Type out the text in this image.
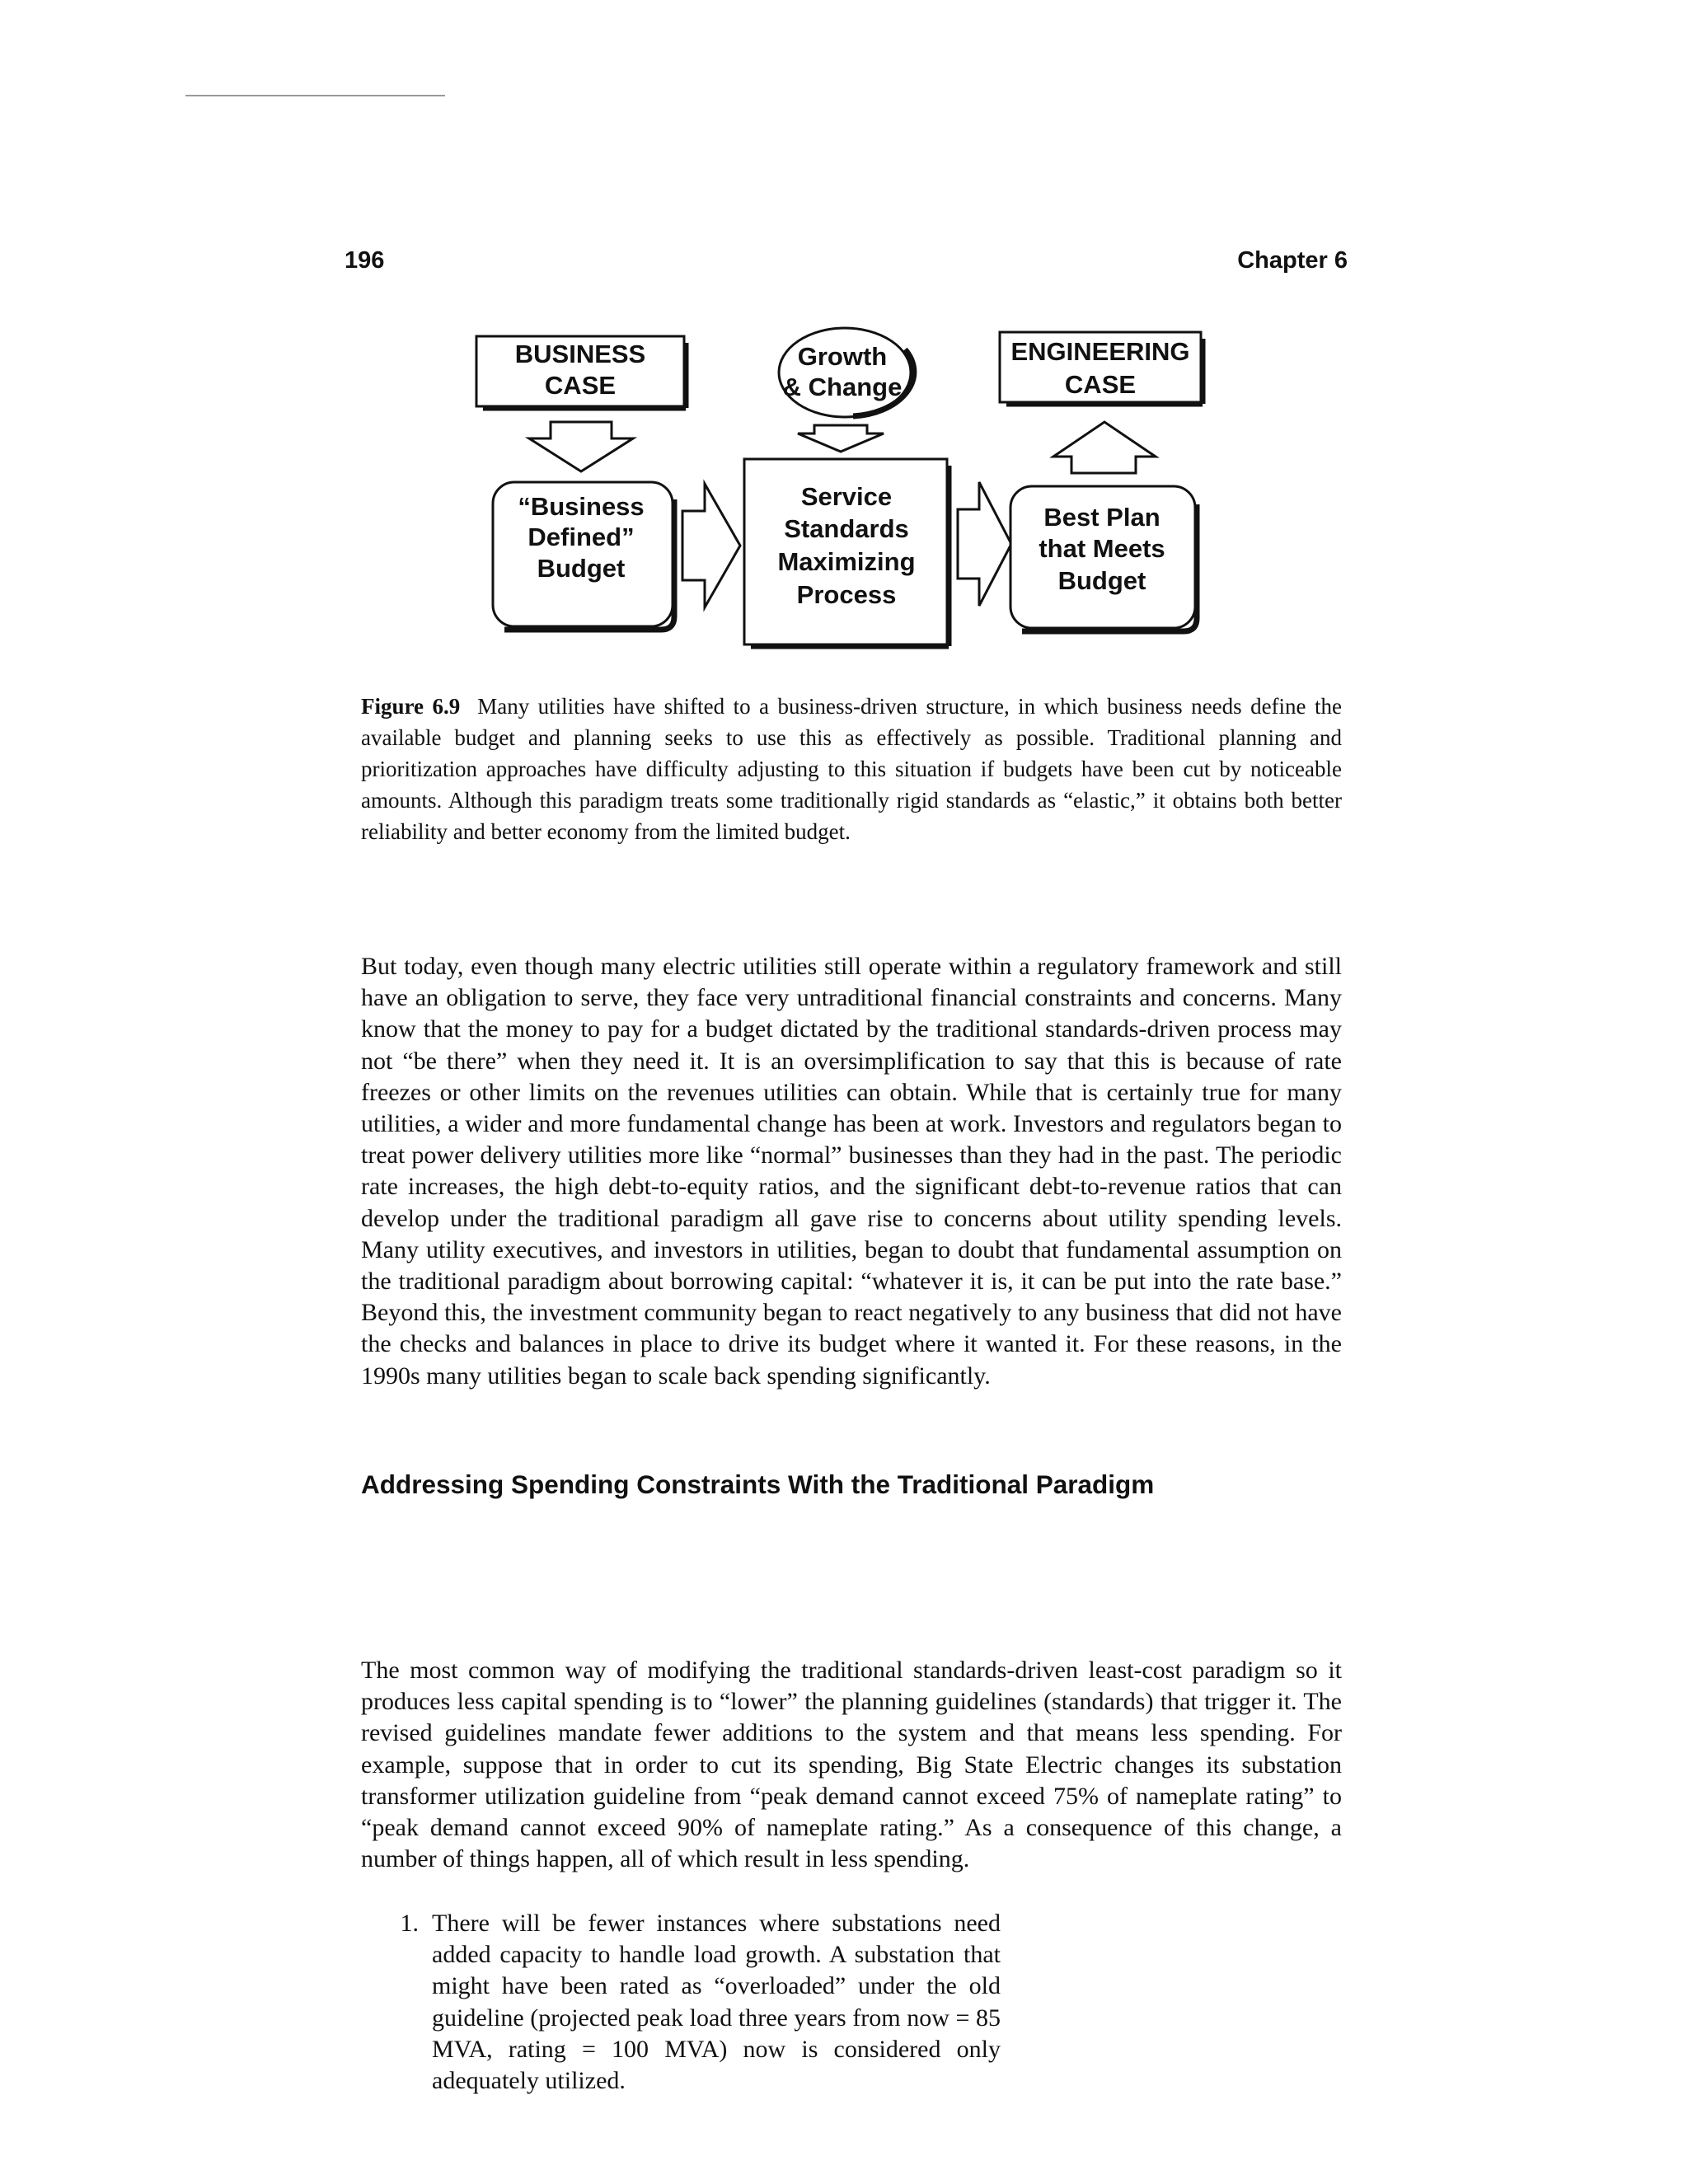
196	Chapter 6
BUSINESS
CASE
Growth
& Change
ENGINEERING
CASE
“Business
Defined”
Budget
Service
Standards
Maximizing
Process
Best Plan
that Meets
Budget
Figure 6.9 Many utilities have shifted to a business-driven structure, in which business needs define the available budget and planning seeks to use this as effectively as possible. Traditional planning and prioritization approaches have difficulty adjusting to this situation if budgets have been cut by noticeable amounts. Although this paradigm treats some traditionally rigid standards as “elastic,” it obtains both better reliability and better economy from the limited budget.

But today, even though many electric utilities still operate within a regulatory framework and still have an obligation to serve, they face very untraditional financial constraints and concerns. Many know that the money to pay for a budget dictated by the traditional standards-driven process may not “be there” when they need it. It is an oversimplification to say that this is because of rate freezes or other limits on the revenues utilities can obtain. While that is certainly true for many utilities, a wider and more fundamental change has been at work. Investors and regulators began to treat power delivery utilities more like “normal” businesses than they had in the past. The periodic rate increases, the high debt-to-equity ratios, and the significant debt-to-revenue ratios that can develop under the traditional paradigm all gave rise to concerns about utility spending levels. Many utility executives, and investors in utilities, began to doubt that fundamental assumption on the traditional paradigm about borrowing capital: “whatever it is, it can be put into the rate base.” Beyond this, the investment community began to react negatively to any business that did not have the checks and balances in place to drive its budget where it wanted it. For these reasons, in the 1990s many utilities began to scale back spending significantly.

Addressing Spending Constraints With the Traditional Paradigm

The most common way of modifying the traditional standards-driven least-cost paradigm so it produces less capital spending is to “lower” the planning guidelines (standards) that trigger it. The revised guidelines mandate fewer additions to the system and that means less spending. For example, suppose that in order to cut its spending, Big State Electric changes its substation transformer utilization guideline from “peak demand cannot exceed 75% of nameplate rating” to “peak demand cannot exceed 90% of nameplate rating.” As a consequence of this change, a number of things happen, all of which result in less spending.

1. There will be fewer instances where substations need added capacity to handle load growth. A substation that might have been rated as “overloaded” under the old guideline (projected peak load three years from now = 85 MVA, rating = 100 MVA) now is considered only adequately utilized.
